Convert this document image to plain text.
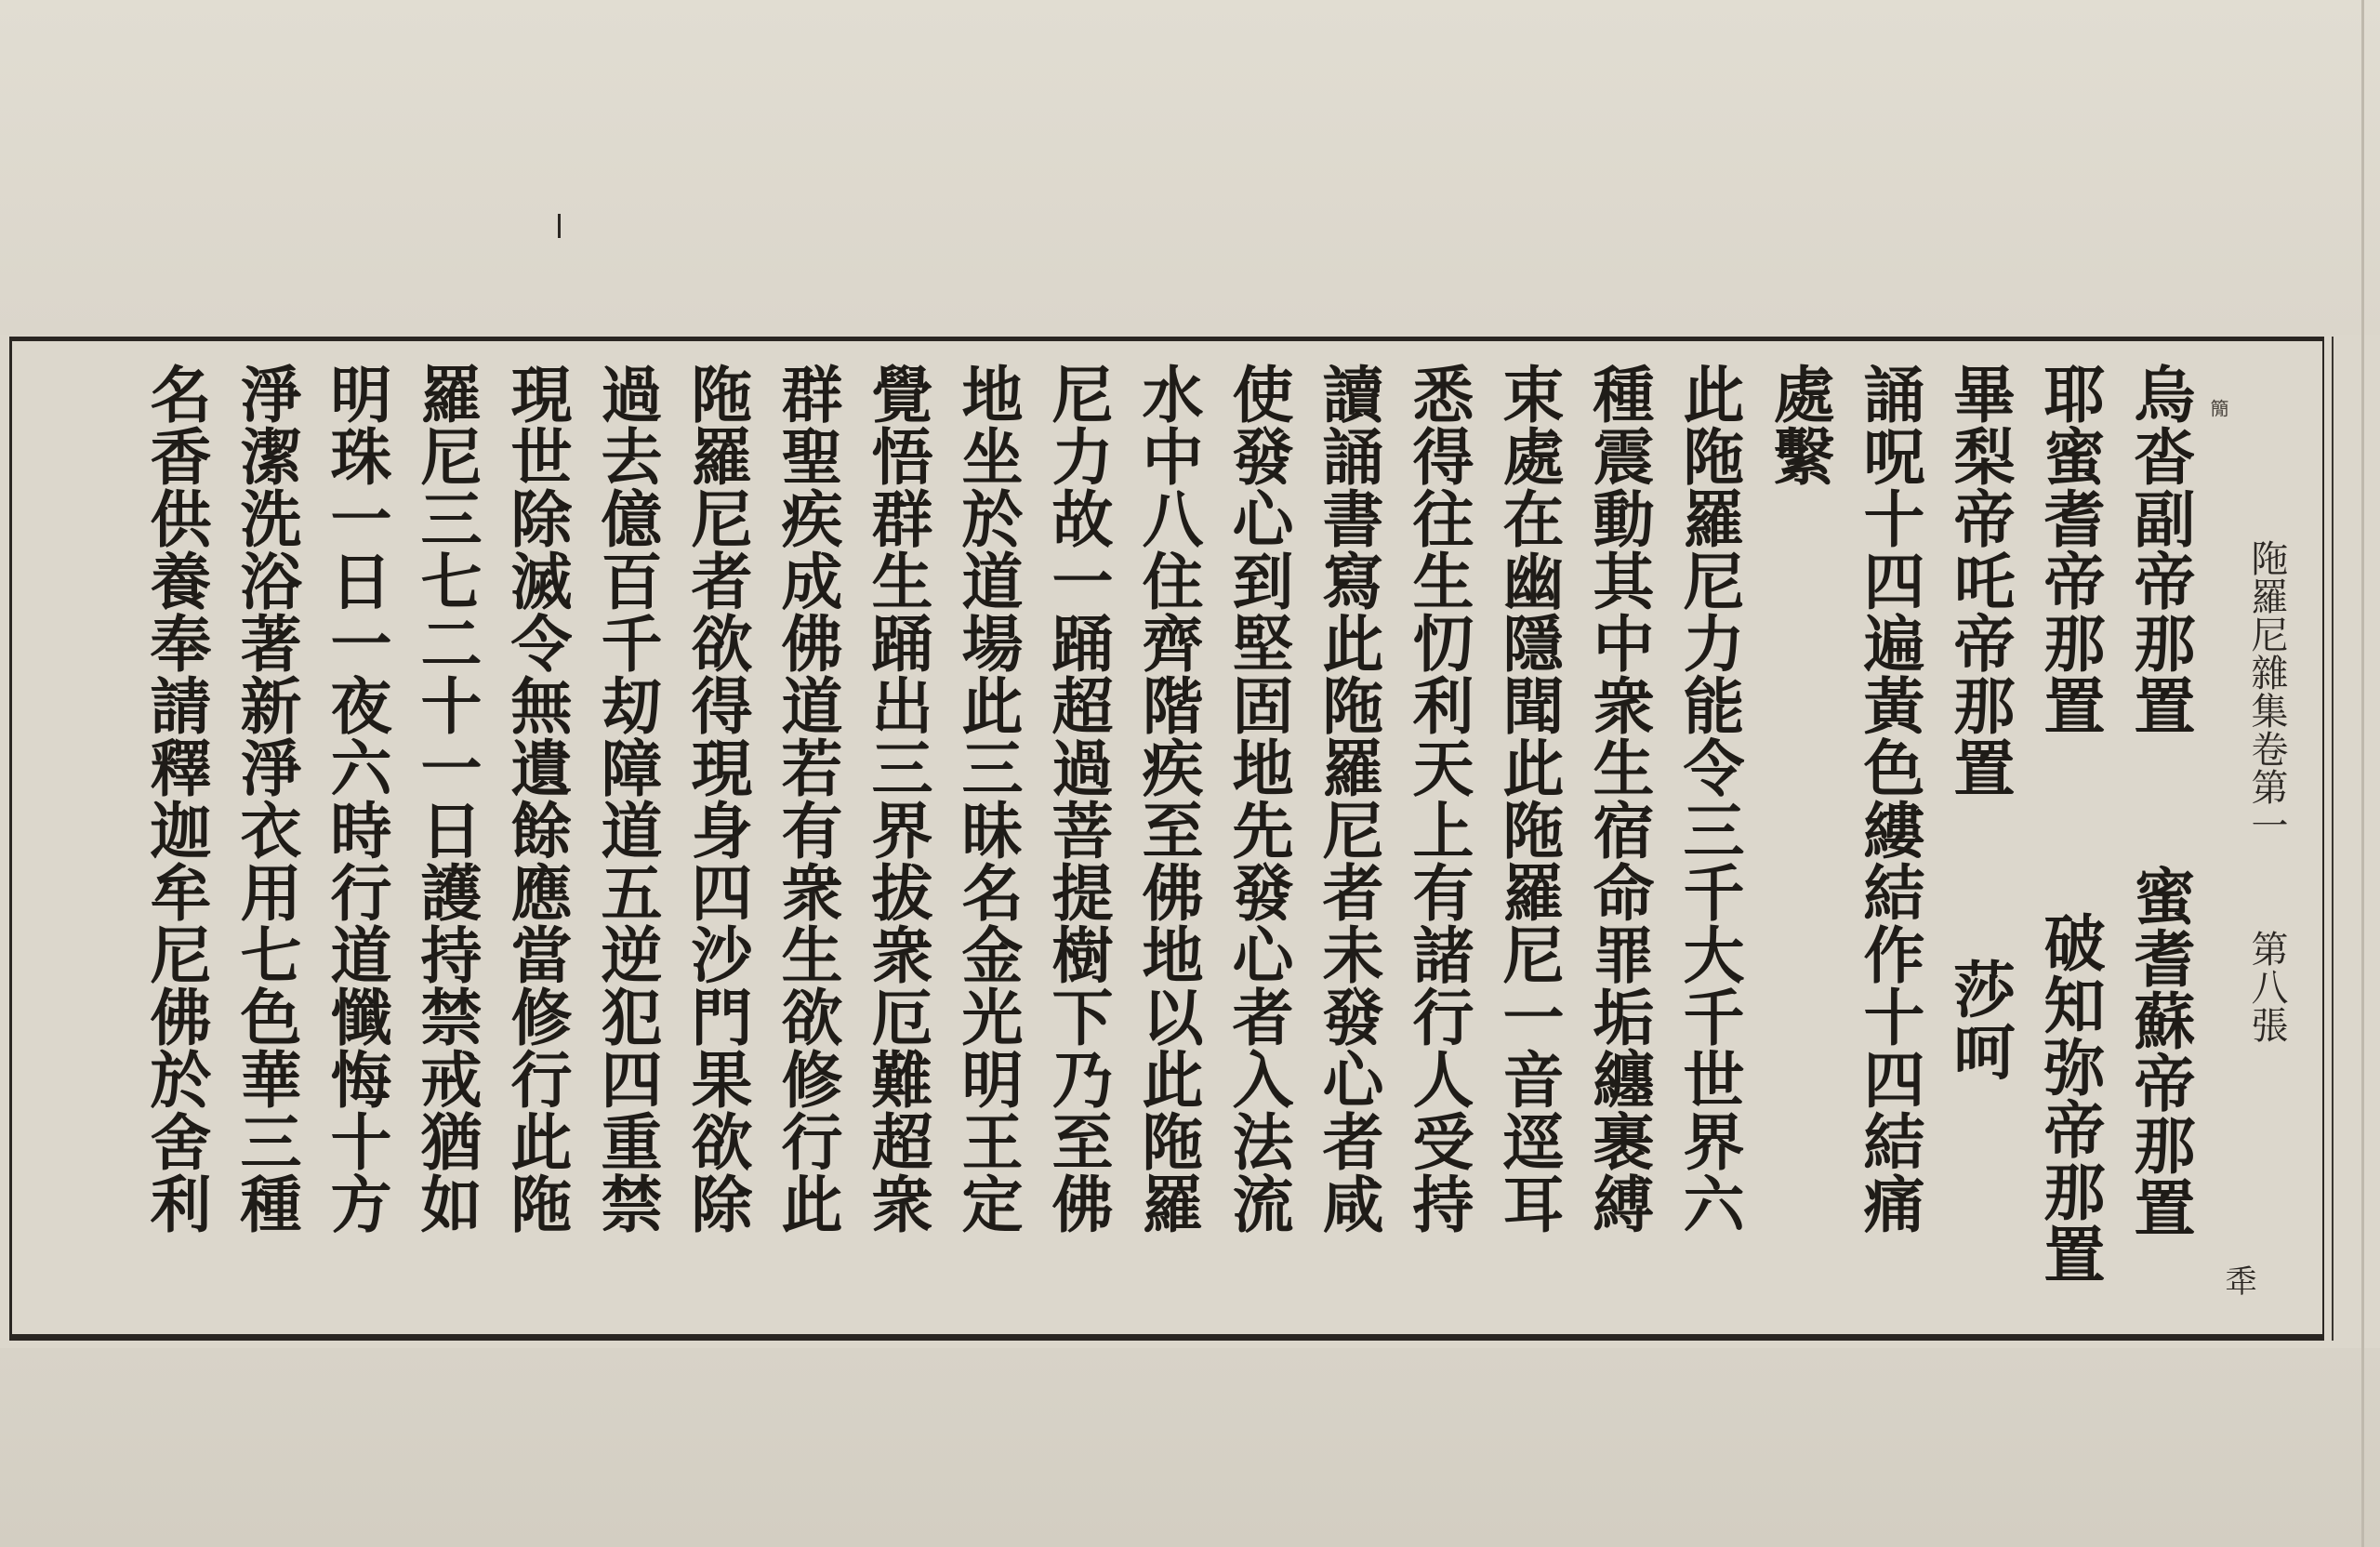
𥳑
陁羅尼雜集卷第一
第八張
䄵
烏沓副帝那置
蜜耆蘇帝那置
耶蜜耆帝那置
破知弥帝那置
畢梨帝吒帝那置
莎呵
誦呪十四遍黃色縷結作十四結痛
處繫
此陁羅尼力能令三千大千世界六
種震動其中衆生宿命罪垢纏裹縛
束處在幽隱聞此陁羅尼一音逕耳
悉得往生忉利天上有諸行人受持
讀誦書寫此陁羅尼者未發心者咸
使發心到堅固地先發心者入法流
水中八住齊階疾至佛地以此陁羅
尼力故一踊超過菩提樹下乃至佛
地坐於道場此三昧名金光明王定
覺悟群生踊出三界拔衆厄難超衆
群聖疾成佛道若有衆生欲修行此
陁羅尼者欲得現身四沙門果欲除
過去億百千刧障道五逆犯四重禁
現世除滅令無遺餘應當修行此陁
羅尼三七二十一日護持禁戒猶如
明珠一日一夜六時行道懺悔十方
淨潔洗浴著新淨衣用七色華三種
名香供養奉請釋迦牟尼佛於舍利
